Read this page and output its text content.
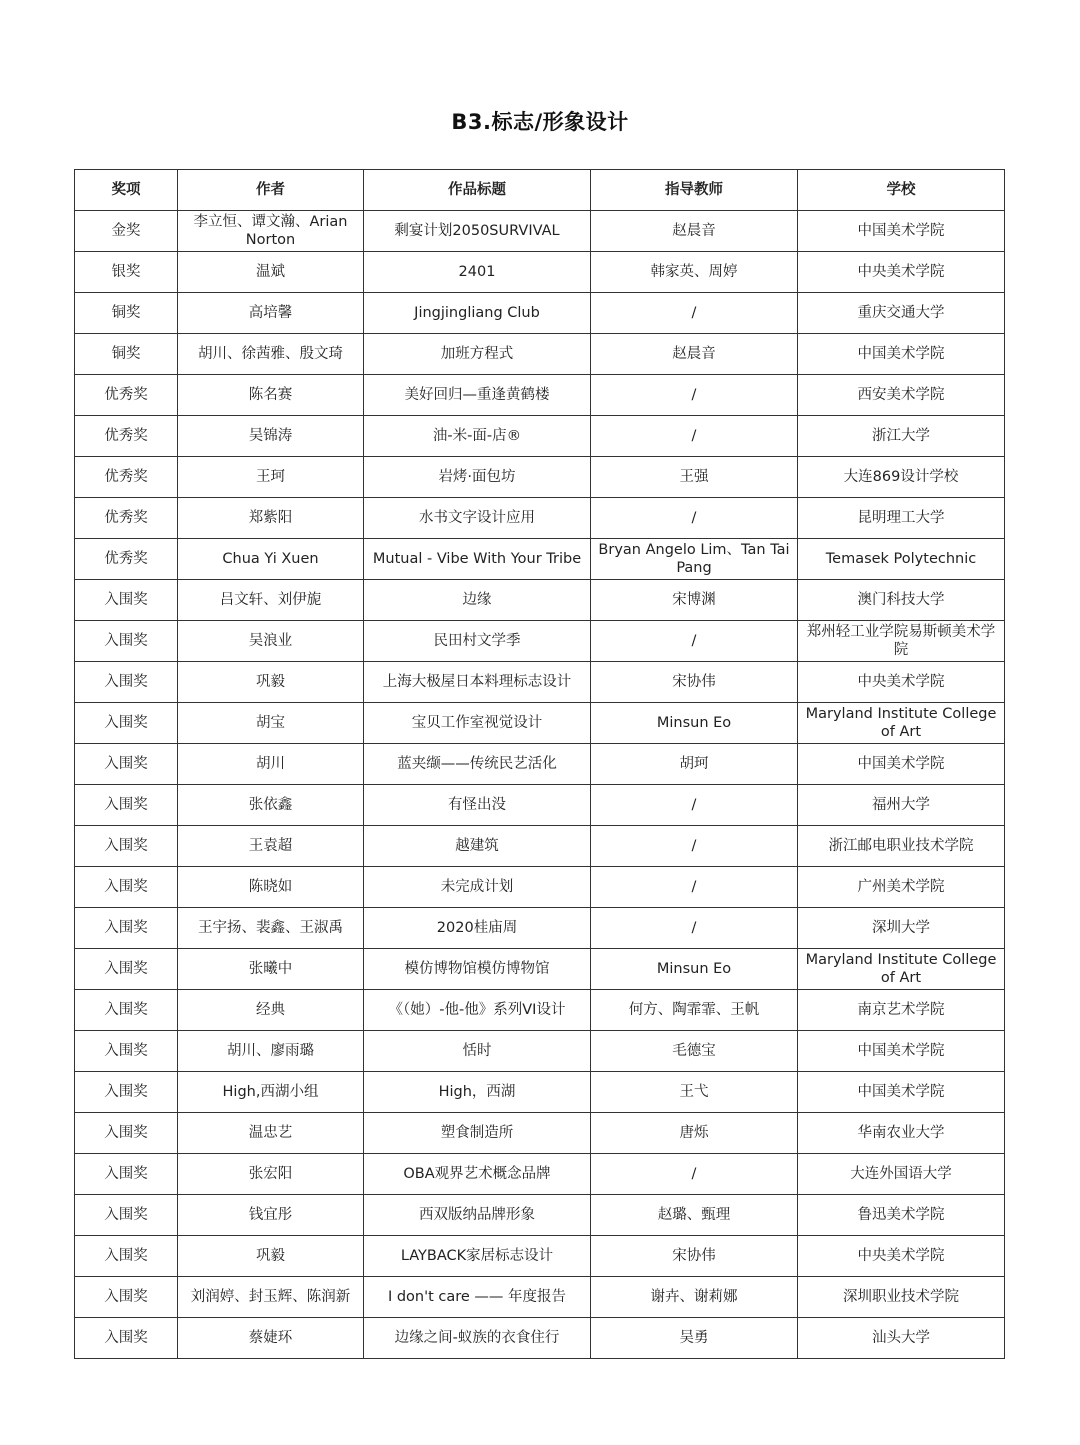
B3.标志/形象设计
奖项	作者	作品标题	指导教师	学校
金奖	李立恒、谭文瀚、Arian Norton	剩宴计划2050SURVIVAL	赵晨音	中国美术学院
银奖	温斌	2401	韩家英、周婷	中央美术学院
铜奖	高培馨	Jingjingliang Club	/	重庆交通大学
铜奖	胡川、徐茜雅、殷文琦	加班方程式	赵晨音	中国美术学院
优秀奖	陈名赛	美好回归—重逢黄鹤楼	/	西安美术学院
优秀奖	吴锦涛	油-米-面-店®	/	浙江大学
优秀奖	王珂	岩烤·面包坊	王强	大连869设计学校
优秀奖	郑紫阳	水书文字设计应用	/	昆明理工大学
优秀奖	Chua Yi Xuen	Mutual - Vibe With Your Tribe	Bryan Angelo Lim、Tan Tai Pang	Temasek Polytechnic
入围奖	吕文轩、刘伊旎	边缘	宋博渊	澳门科技大学
入围奖	吴浪业	民田村文学季	/	郑州轻工业学院易斯顿美术学院
入围奖	巩毅	上海大极屋日本料理标志设计	宋协伟	中央美术学院
入围奖	胡宝	宝贝工作室视觉设计	Minsun Eo	Maryland Institute College of Art
入围奖	胡川	蓝夹缬——传统民艺活化	胡珂	中国美术学院
入围奖	张依鑫	有怪出没	/	福州大学
入围奖	王袁超	越建筑	/	浙江邮电职业技术学院
入围奖	陈晓如	未完成计划	/	广州美术学院
入围奖	王宇扬、裴鑫、王淑禹	2020桂庙周	/	深圳大学
入围奖	张曦中	模仿博物馆模仿博物馆	Minsun Eo	Maryland Institute College of Art
入围奖	经典	《（她）-他-他》系列VI设计	何方、陶霏霏、王帆	南京艺术学院
入围奖	胡川、廖雨璐	恬时	毛德宝	中国美术学院
入围奖	High,西湖小组	High，西湖	王弋	中国美术学院
入围奖	温忠艺	塑食制造所	唐烁	华南农业大学
入围奖	张宏阳	OBA观界艺术概念品牌	/	大连外国语大学
入围奖	钱宜彤	西双版纳品牌形象	赵璐、甄理	鲁迅美术学院
入围奖	巩毅	LAYBACK家居标志设计	宋协伟	中央美术学院
入围奖	刘润婷、封玉辉、陈润新	I don't care —— 年度报告	谢卉、谢莉娜	深圳职业技术学院
入围奖	蔡婕环	边缘之间-蚁族的衣食住行	吴勇	汕头大学
